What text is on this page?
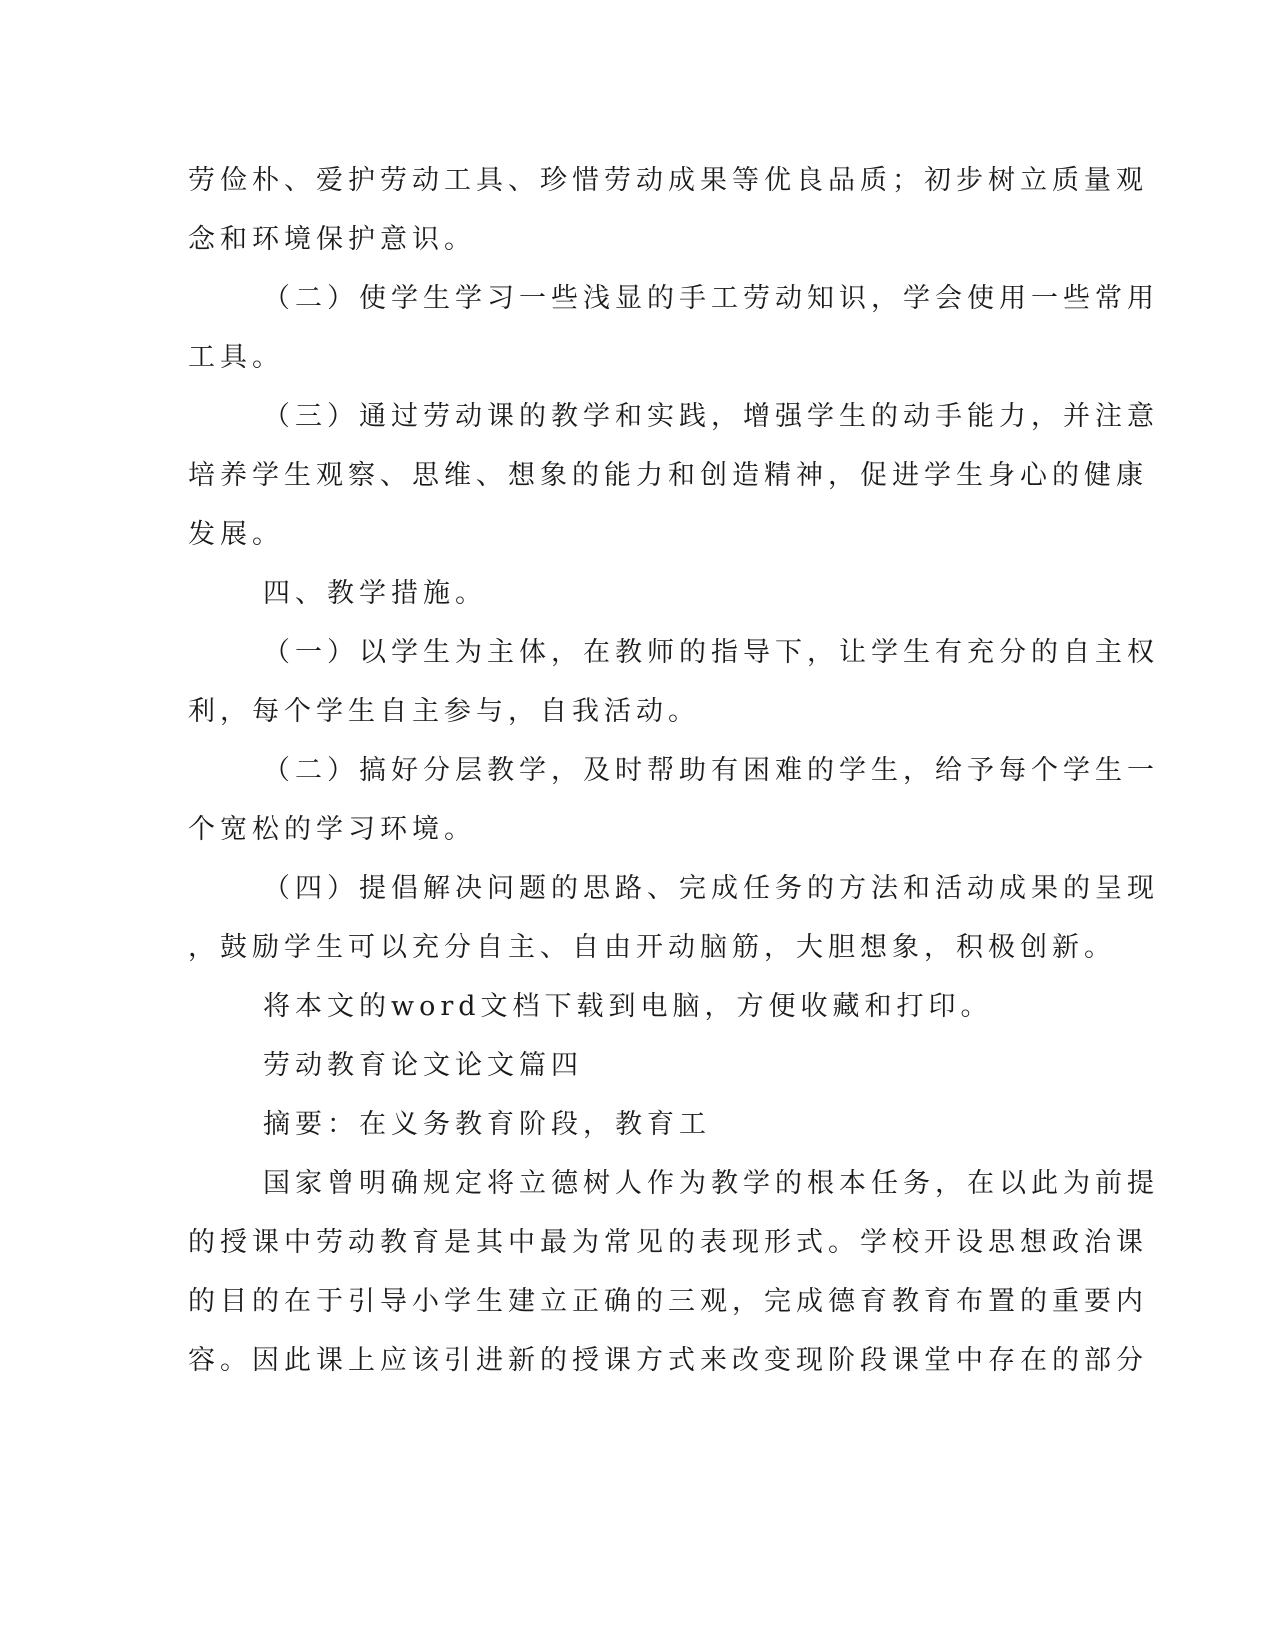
劳俭朴、爱护劳动工具、珍惜劳动成果等优良品质；初步树立质量观
念和环境保护意识。
（二）使学生学习一些浅显的手工劳动知识，学会使用一些常用
工具。
（三）通过劳动课的教学和实践，增强学生的动手能力，并注意
培养学生观察、思维、想象的能力和创造精神，促进学生身心的健康
发展。
四、教学措施。
（一）以学生为主体，在教师的指导下，让学生有充分的自主权
利，每个学生自主参与，自我活动。
（二）搞好分层教学，及时帮助有困难的学生，给予每个学生一
个宽松的学习环境。
（四）提倡解决问题的思路、完成任务的方法和活动成果的呈现
，鼓励学生可以充分自主、自由开动脑筋，大胆想象，积极创新。
将本文的word文档下载到电脑，方便收藏和打印。
劳动教育论文论文篇四
摘要：在义务教育阶段，教育工
国家曾明确规定将立德树人作为教学的根本任务，在以此为前提
的授课中劳动教育是其中最为常见的表现形式。学校开设思想政治课
的目的在于引导小学生建立正确的三观，完成德育教育布置的重要内
容。因此课上应该引进新的授课方式来改变现阶段课堂中存在的部分
